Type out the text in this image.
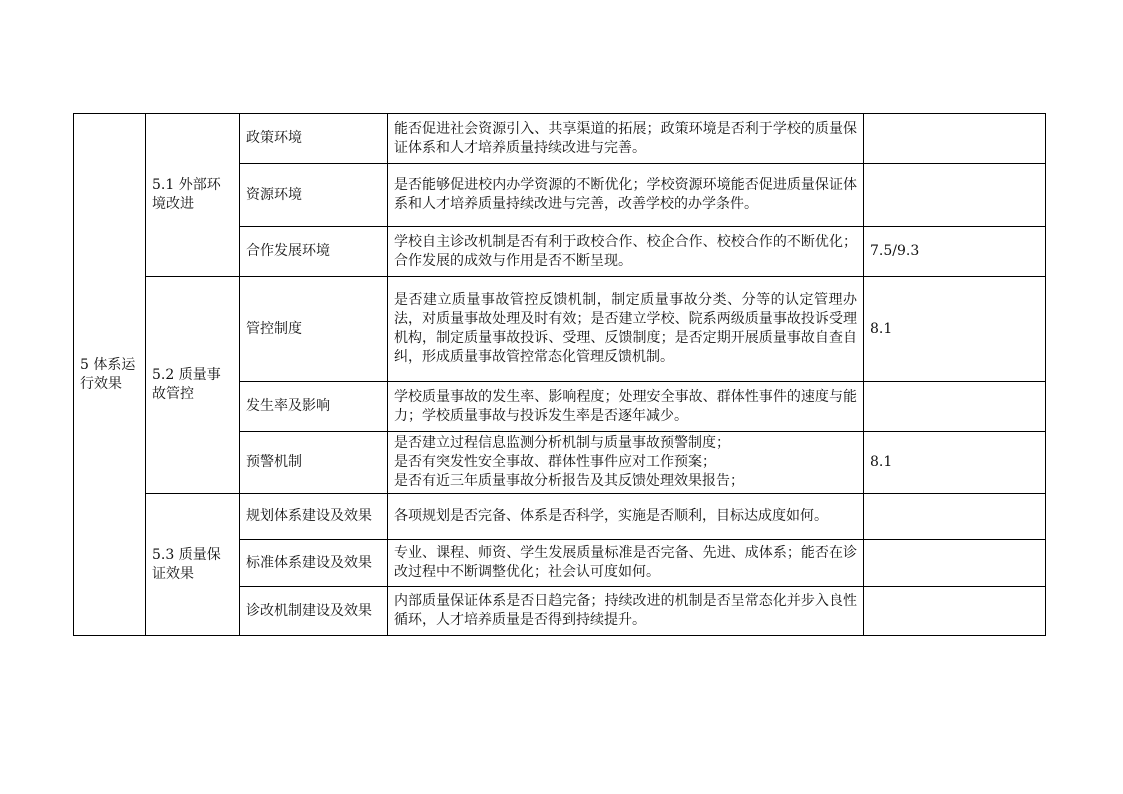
5 体系运行效果	5.1 外部环境改进	政策环境	能否促进社会资源引入、共享渠道的拓展；政策环境是否利于学校的质量保证体系和人才培养质量持续改进与完善。	
		资源环境	是否能够促进校内办学资源的不断优化；学校资源环境能否促进质量保证体系和人才培养质量持续改进与完善，改善学校的办学条件。	
		合作发展环境	学校自主诊改机制是否有利于政校合作、校企合作、校校合作的不断优化；合作发展的成效与作用是否不断呈现。	7.5/9.3
	5.2 质量事故管控	管控制度	是否建立质量事故管控反馈机制，制定质量事故分类、分等的认定管理办法，对质量事故处理及时有效；是否建立学校、院系两级质量事故投诉受理机构，制定质量事故投诉、受理、反馈制度；是否定期开展质量事故自查自纠，形成质量事故管控常态化管理反馈机制。	8.1
		发生率及影响	学校质量事故的发生率、影响程度；处理安全事故、群体性事件的速度与能力；学校质量事故与投诉发生率是否逐年减少。	
		预警机制	是否建立过程信息监测分析机制与质量事故预警制度；
是否有突发性安全事故、群体性事件应对工作预案；
是否有近三年质量事故分析报告及其反馈处理效果报告；	8.1
	5.3 质量保证效果	规划体系建设及效果	各项规划是否完备、体系是否科学，实施是否顺利，目标达成度如何。	
		标准体系建设及效果	专业、课程、师资、学生发展质量标准是否完备、先进、成体系；能否在诊改过程中不断调整优化；社会认可度如何。	
		诊改机制建设及效果	内部质量保证体系是否日趋完备；持续改进的机制是否呈常态化并步入良性循环，人才培养质量是否得到持续提升。	
